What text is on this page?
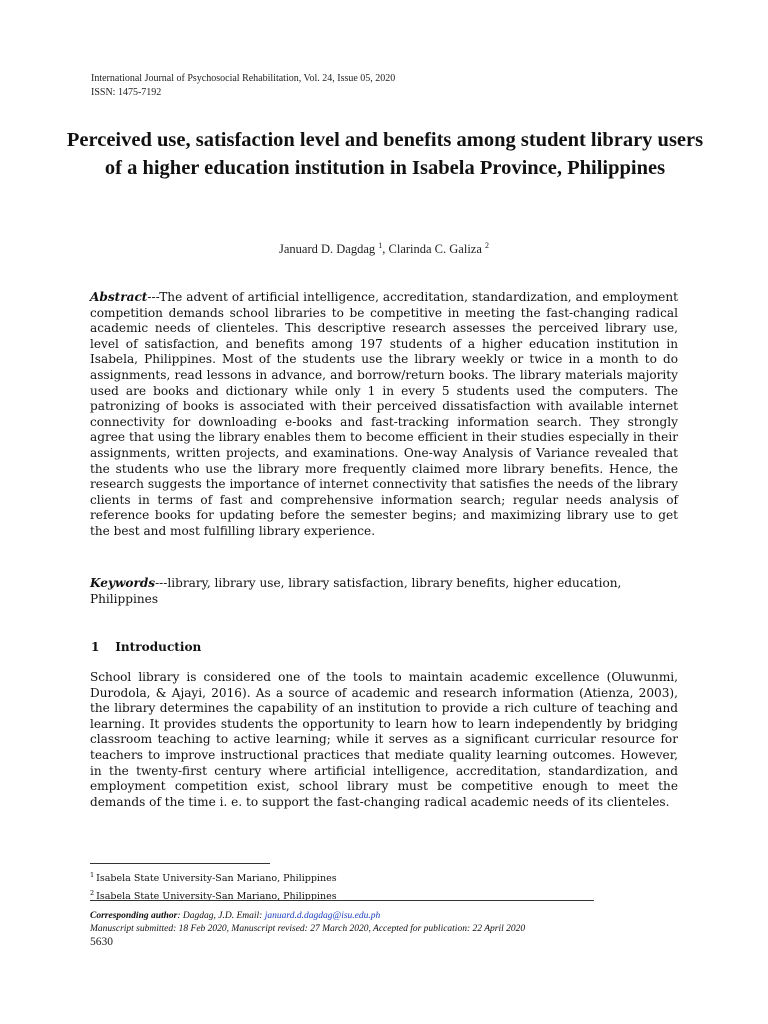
International Journal of Psychosocial Rehabilitation, Vol. 24, Issue 05, 2020
ISSN: 1475-7192
Perceived use, satisfaction level and benefits among student library users of a higher education institution in Isabela Province, Philippines
Januard D. Dagdag $^1$, Clarinda C. Galiza $^2$
Abstract---The advent of artificial intelligence, accreditation, standardization, and employment competition demands school libraries to be competitive in meeting the fast-changing radical academic needs of clienteles. This descriptive research assesses the perceived library use, level of satisfaction, and benefits among 197 students of a higher education institution in Isabela, Philippines. Most of the students use the library weekly or twice in a month to do assignments, read lessons in advance, and borrow/return books. The library materials majority used are books and dictionary while only 1 in every 5 students used the computers. The patronizing of books is associated with their perceived dissatisfaction with available internet connectivity for downloading e-books and fast-tracking information search. They strongly agree that using the library enables them to become efficient in their studies especially in their assignments, written projects, and examinations. One-way Analysis of Variance revealed that the students who use the library more frequently claimed more library benefits. Hence, the research suggests the importance of internet connectivity that satisfies the needs of the library clients in terms of fast and comprehensive information search; regular needs analysis of reference books for updating before the semester begins; and maximizing library use to get the best and most fulfilling library experience.
Keywords---library, library use, library satisfaction, library benefits, higher education, Philippines
1 Introduction
School library is considered one of the tools to maintain academic excellence (Oluwunmi, Durodola, & Ajayi, 2016). As a source of academic and research information (Atienza, 2003), the library determines the capability of an institution to provide a rich culture of teaching and learning. It provides students the opportunity to learn how to learn independently by bridging classroom teaching to active learning; while it serves as a significant curricular resource for teachers to improve instructional practices that mediate quality learning outcomes. However, in the twenty-first century where artificial intelligence, accreditation, standardization, and employment competition exist, school library must be competitive enough to meet the demands of the time i. e. to support the fast-changing radical academic needs of its clienteles.
$^1$ Isabela State University-San Mariano, Philippines
$^2$ Isabela State University-San Mariano, Philippines
Corresponding author: Dagdag, J.D. Email: januard.d.dagdag@isu.edu.ph
Manuscript submitted: 18 Feb 2020, Manuscript revised: 27 March 2020, Accepted for publication: 22 April 2020
5630
